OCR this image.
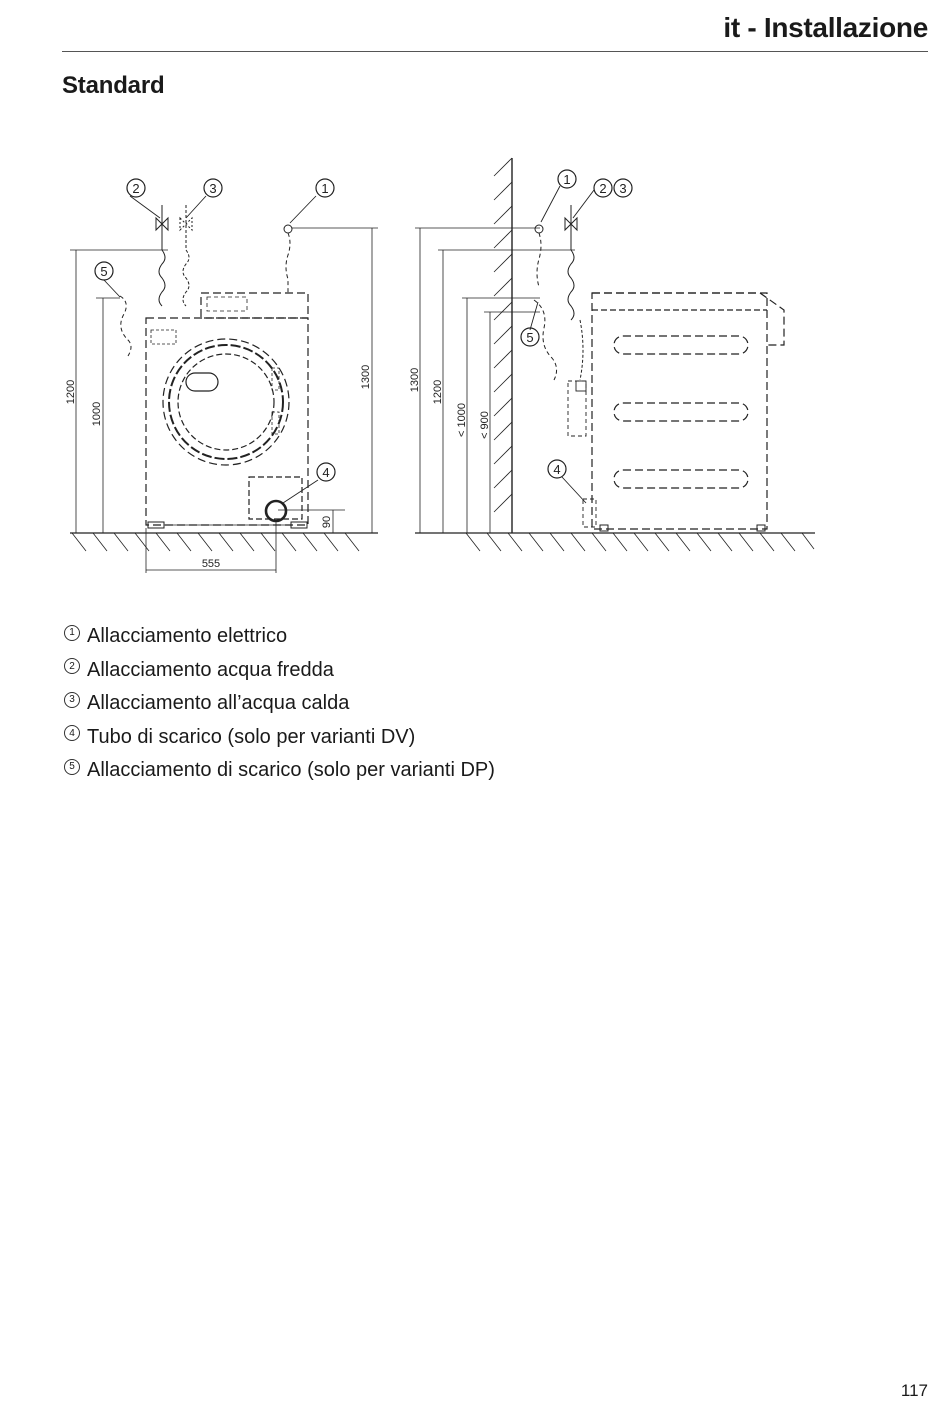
it - Installazione
Standard
1200
1000
1300
555
90
2	3	1
5
4
1300 1200
< 1000 < 900
1
2 3
5
4
1 Allacciamento elettrico
2 Allacciamento acqua fredda
3 Allacciamento all’acqua calda
4 Tubo di scarico (solo per varianti DV)
5 Allacciamento di scarico (solo per varianti DP)
117
